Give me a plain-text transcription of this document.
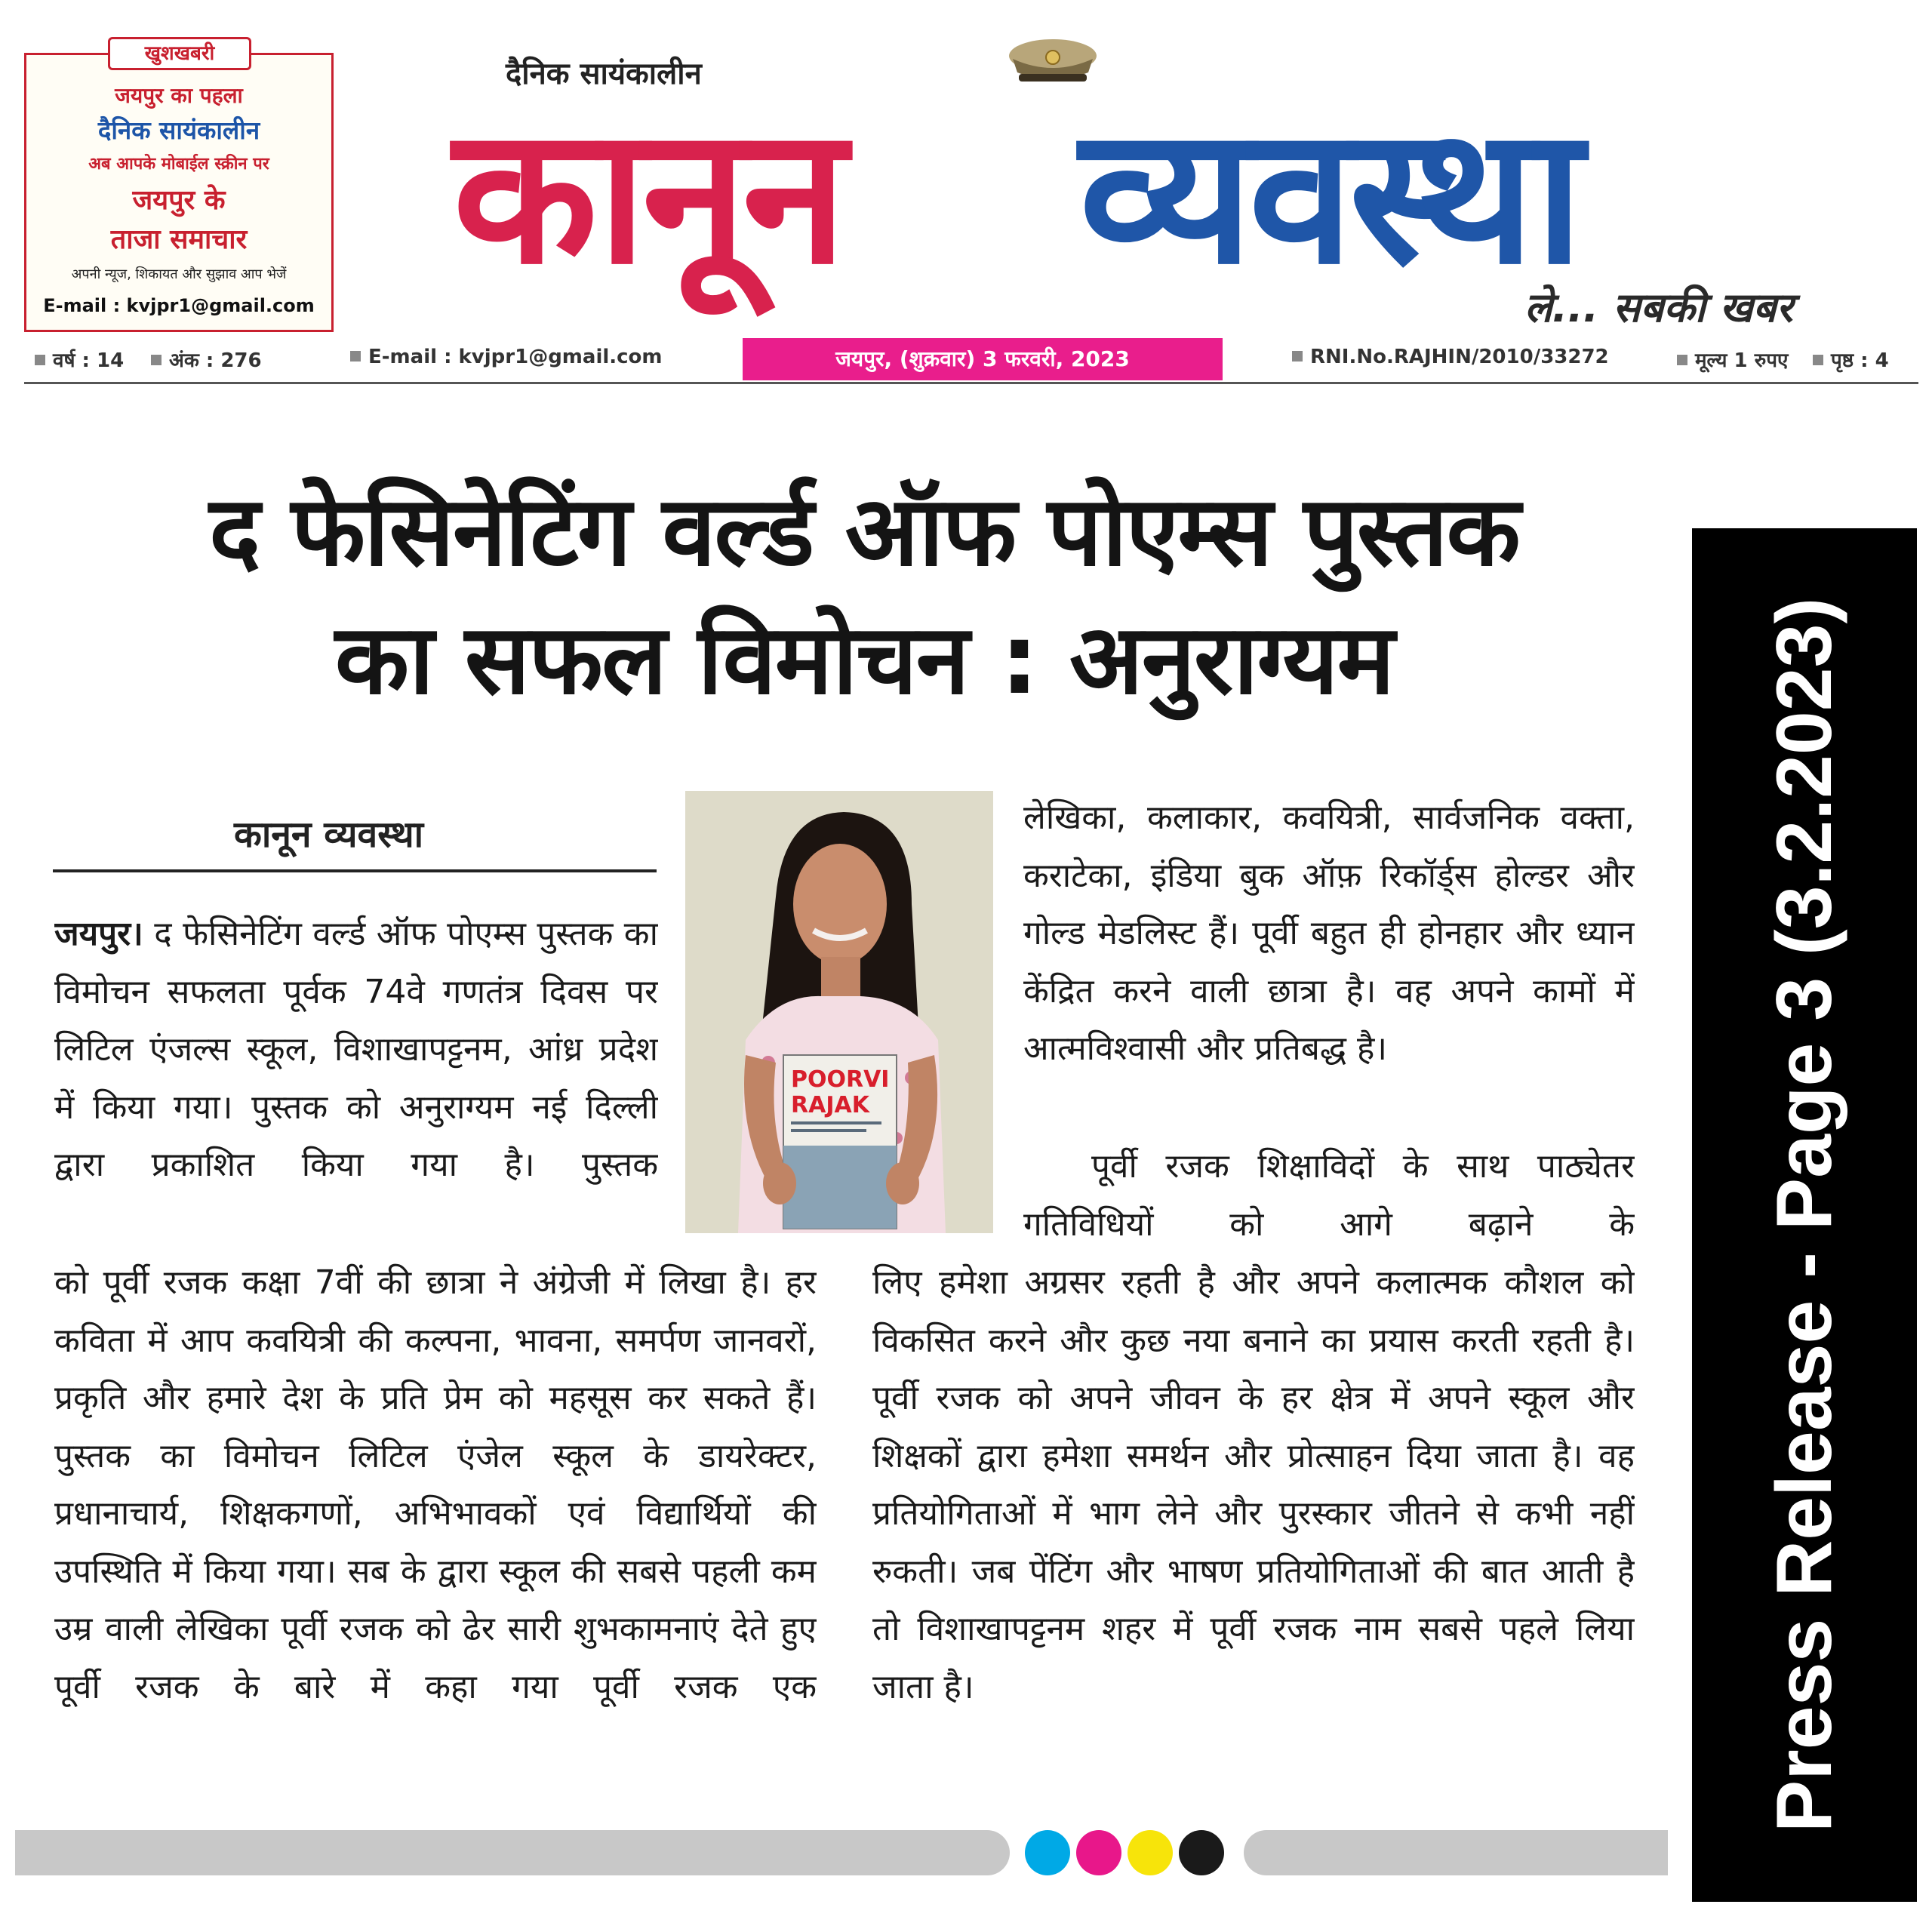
खुशखबरी
जयपुर का पहला
दैनिक सायंकालीन
अब आपके मोबाईल स्क्रीन पर
जयपुर के
ताजा समाचार
अपनी न्यूज, शिकायत और सुझाव आप भेजें
E-mail : kvjpr1@gmail.com
दैनिक सायंकालीन
कानून व्यवस्था
ले... सबकी खबर
वर्ष : 14	अंक : 276	E-mail : kvjpr1@gmail.com	जयपुर, (शुक्रवार) 3 फरवरी, 2023	RNI.No.RAJHIN/2010/33272	मूल्य 1 रुपए	पृष्ठ : 4
द फेसिनेटिंग वर्ल्ड ऑफ पोएम्स पुस्तक
का सफल विमोचन : अनुराग्यम
कानून व्यवस्था
POORVI
RAJAK
जयपुर। द फेसिनेटिंग वर्ल्ड ऑफ पोएम्स पुस्तक का विमोचन सफलता पूर्वक 74वे गणतंत्र दिवस पर लिटिल एंजल्स स्कूल, विशाखापट्टनम, आंध्र प्रदेश में किया गया। पुस्तक को अनुराग्यम नई दिल्ली द्वारा प्रकाशित किया गया है। पुस्तक
को पूर्वी रजक कक्षा 7वीं की छात्रा ने अंग्रेजी में लिखा है। हर कविता में आप कवयित्री की कल्पना, भावना, समर्पण जानवरों, प्रकृति और हमारे देश के प्रति प्रेम को महसूस कर सकते हैं। पुस्तक का विमोचन लिटिल एंजेल स्कूल के डायरेक्टर, प्रधानाचार्य, शिक्षकगणों, अभिभावकों एवं विद्यार्थियों की उपस्थिति में किया गया। सब के द्वारा स्कूल की सबसे पहली कम उम्र वाली लेखिका पूर्वी रजक को ढेर सारी शुभकामनाएं देते हुए पूर्वी रजक के बारे में कहा गया पूर्वी रजक एक
लेखिका, कलाकार, कवयित्री, सार्वजनिक वक्ता, कराटेका, इंडिया बुक ऑफ़ रिकॉर्ड्स होल्डर और गोल्ड मेडलिस्ट हैं। पूर्वी बहुत ही होनहार और ध्यान केंद्रित करने वाली छात्रा है। वह अपने कामों में आत्मविश्वासी और प्रतिबद्ध है।
पूर्वी रजक शिक्षाविदों के साथ पाठ्येतर गतिविधियों को आगे बढ़ाने के
लिए हमेशा अग्रसर रहती है और अपने कलात्मक कौशल को विकसित करने और कुछ नया बनाने का प्रयास करती रहती है। पूर्वी रजक को अपने जीवन के हर क्षेत्र में अपने स्कूल और शिक्षकों द्वारा हमेशा समर्थन और प्रोत्साहन दिया जाता है। वह प्रतियोगिताओं में भाग लेने और पुरस्कार जीतने से कभी नहीं रुकती। जब पेंटिंग और भाषण प्रतियोगिताओं की बात आती है तो विशाखापट्टनम शहर में पूर्वी रजक नाम सबसे पहले लिया जाता है।	Press Release - Page 3 (3.2.2023)
